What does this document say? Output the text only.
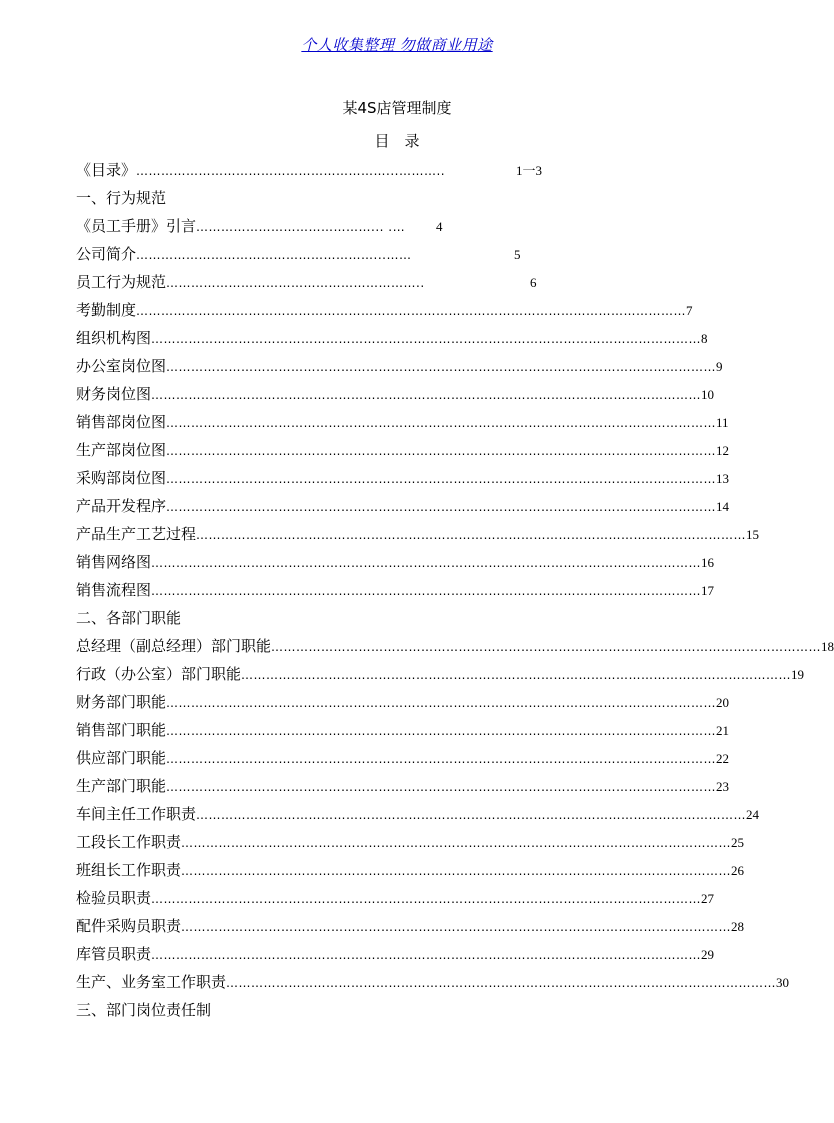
个人收集整理 勿做商业用途
某4S店管理制度
目　录
《目录》 ……………………………………………………...………..	1一3
一、行为规范
《员工手册》引言 ……………………………………... .…	4
公司简介 …………………………………………………...……	5
员工行为规范 ……………………………………………………..	6
考勤制度 …………………………………………………………………………………………………………………… 7
组织机构图 …………………………………………………………………………………………………………………… 8
办公室岗位图 …………………………………………………………………………………………………………………… 9
财务岗位图 …………………………………………………………………………………………………………………… 10
销售部岗位图 …………………………………………………………………………………………………………………… 11
生产部岗位图 …………………………………………………………………………………………………………………… 12
采购部岗位图 …………………………………………………………………………………………………………………… 13
产品开发程序 …………………………………………………………………………………………………………………… 14
产品生产工艺过程 …………………………………………………………………………………………………………………… 15
销售网络图 …………………………………………………………………………………………………………………… 16
销售流程图 …………………………………………………………………………………………………………………… 17
二、各部门职能
总经理（副总经理）部门职能 …………………………………………………………………………………………………………………… 18
行政（办公室）部门职能 …………………………………………………………………………………………………………………… 19
财务部门职能 …………………………………………………………………………………………………………………… 20
销售部门职能 …………………………………………………………………………………………………………………… 21
供应部门职能 …………………………………………………………………………………………………………………… 22
生产部门职能 …………………………………………………………………………………………………………………… 23
车间主任工作职责 …………………………………………………………………………………………………………………… 24
工段长工作职责 …………………………………………………………………………………………………………………… 25
班组长工作职责 …………………………………………………………………………………………………………………… 26
检验员职责 …………………………………………………………………………………………………………………… 27
配件采购员职责 …………………………………………………………………………………………………………………… 28
库管员职责 …………………………………………………………………………………………………………………… 29
生产、业务室工作职责 …………………………………………………………………………………………………………………… 30
三、部门岗位责任制
